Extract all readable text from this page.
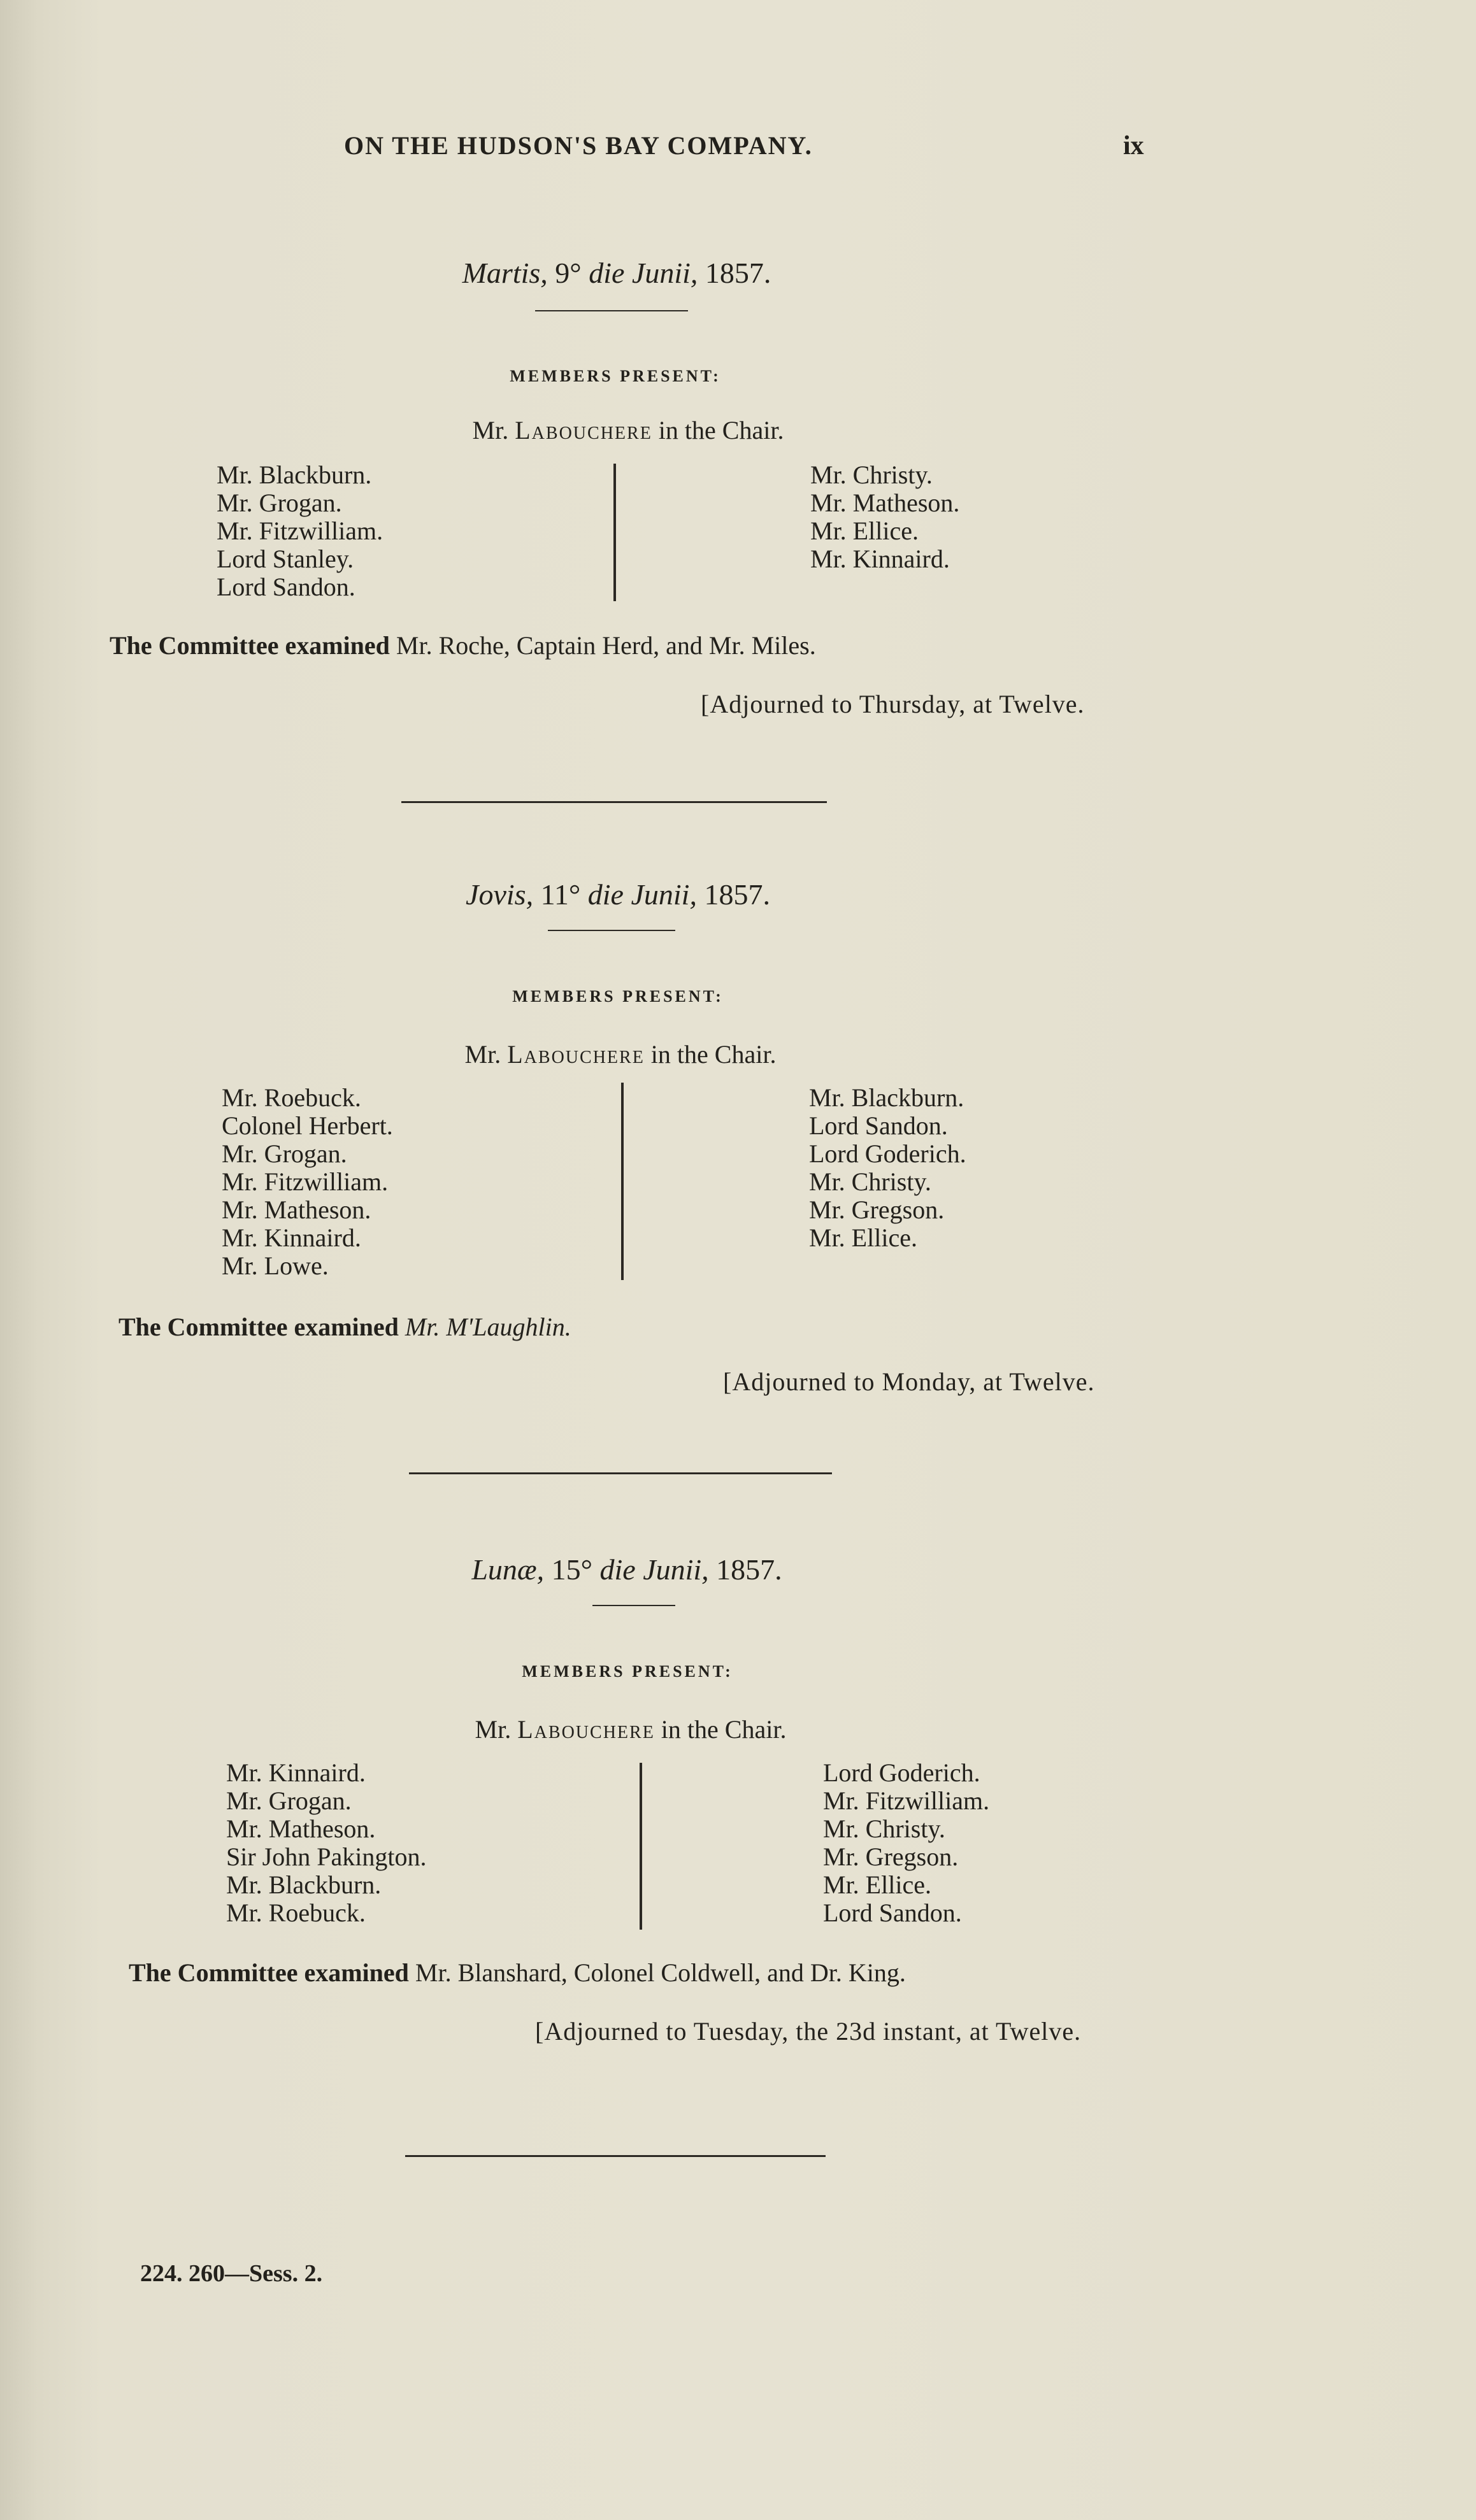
ON THE HUDSON'S BAY COMPANY.	ix
Martis, 9° die Junii, 1857.
MEMBERS PRESENT:
Mr. Labouchere in the Chair.
Mr. Blackburn.
Mr. Grogan.
Mr. Fitzwilliam.
Lord Stanley.
Lord Sandon.
Mr. Christy.
Mr. Matheson.
Mr. Ellice.
Mr. Kinnaird.
The Committee examined Mr. Roche, Captain Herd, and Mr. Miles.
[Adjourned to Thursday, at Twelve.
Jovis, 11° die Junii, 1857.
MEMBERS PRESENT:
Mr. Labouchere in the Chair.
Mr. Roebuck.
Colonel Herbert.
Mr. Grogan.
Mr. Fitzwilliam.
Mr. Matheson.
Mr. Kinnaird.
Mr. Lowe.
Mr. Blackburn.
Lord Sandon.
Lord Goderich.
Mr. Christy.
Mr. Gregson.
Mr. Ellice.
The Committee examined Mr. M'Laughlin.
[Adjourned to Monday, at Twelve.
Lunæ, 15° die Junii, 1857.
MEMBERS PRESENT:
Mr. Labouchere in the Chair.
Mr. Kinnaird.
Mr. Grogan.
Mr. Matheson.
Sir John Pakington.
Mr. Blackburn.
Mr. Roebuck.
Lord Goderich.
Mr. Fitzwilliam.
Mr. Christy.
Mr. Gregson.
Mr. Ellice.
Lord Sandon.
The Committee examined Mr. Blanshard, Colonel Coldwell, and Dr. King.
[Adjourned to Tuesday, the 23d instant, at Twelve.
224. 260—Sess. 2.
